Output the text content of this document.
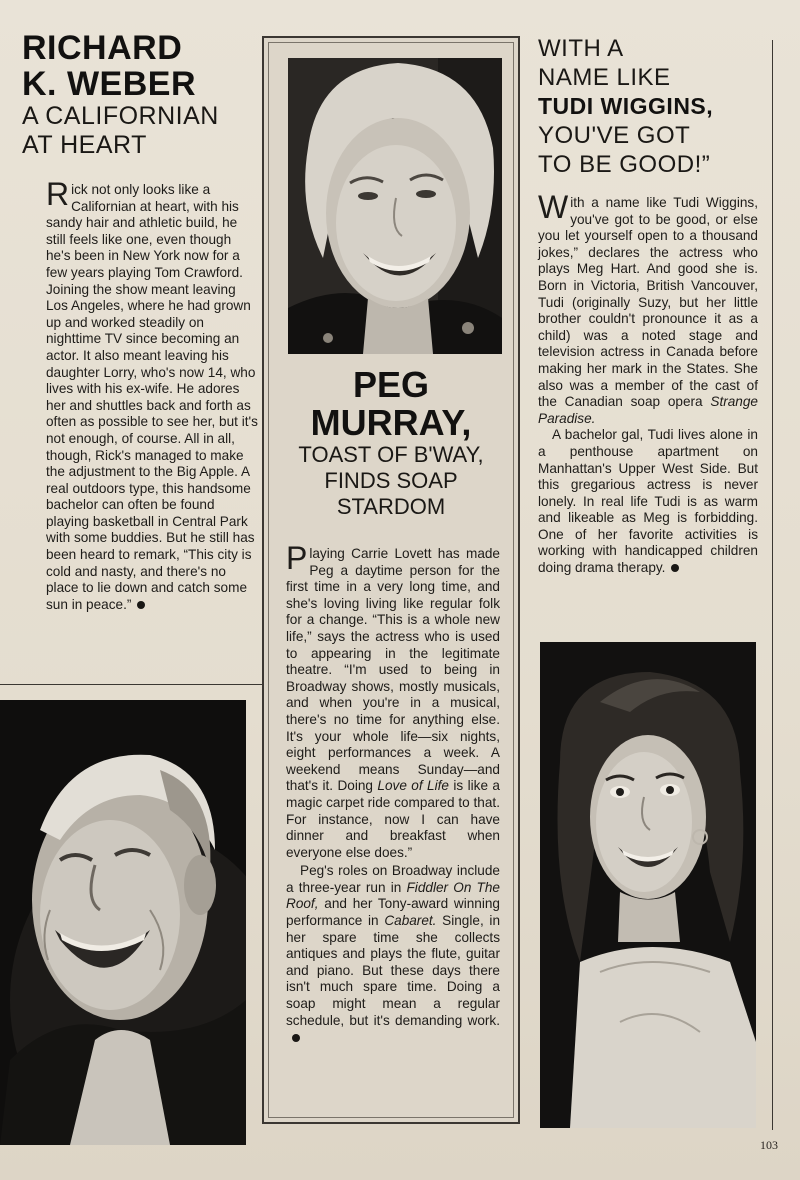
RICHARD
K. WEBER
A CALIFORNIAN
AT HEART
Rick not only looks like a Californian at heart, with his sandy hair and athletic build, he still feels like one, even though he's been in New York now for a few years playing Tom Crawford. Joining the show meant leaving Los Angeles, where he had grown up and worked steadily on nighttime TV since becoming an actor. It also meant leaving his daughter Lorry, who's now 14, who lives with his ex-wife. He adores her and shuttles back and forth as often as possible to see her, but it's not enough, of course. All in all, though, Rick's managed to make the adjustment to the Big Apple. A real outdoors type, this handsome bachelor can often be found playing basketball in Central Park with some buddies. But he still has been heard to remark, “This city is cold and nasty, and there's no place to lie down and catch some sun in peace.”
PEG
MURRAY,
TOAST OF B'WAY,
FINDS SOAP
STARDOM

Playing Carrie Lovett has made Peg a daytime person for the first time in a very long time, and she's loving living like regular folk for a change. “This is a whole new life,” says the actress who is used to appearing in the legitimate theatre. “I'm used to being in Broadway shows, mostly musicals, and when you're in a musical, there's no time for anything else. It's your whole life—six nights, eight performances a week. A weekend means Sunday—and that's it. Doing Love of Life is like a magic carpet ride compared to that. For instance, now I can have dinner and breakfast when everyone else does.”

Peg's roles on Broadway include a three-year run in Fiddler On The Roof, and her Tony-award winning performance in Cabaret. Single, in her spare time she collects antiques and plays the flute, guitar and piano. But these days there isn't much spare time. Doing a soap might mean a regular schedule, but it's demanding work.

WITH A
NAME LIKE
TUDI WIGGINS,
YOU'VE GOT
TO BE GOOD!”

With a name like Tudi Wiggins, you've got to be good, or else you let yourself open to a thousand jokes,” declares the actress who plays Meg Hart. And good she is. Born in Victoria, British Vancouver, Tudi (originally Suzy, but her little brother couldn't pronounce it as a child) was a noted stage and television actress in Canada before making her mark in the States. She also was a member of the cast of the Canadian soap opera Strange Paradise.

A bachelor gal, Tudi lives alone in a penthouse apartment on Manhattan's Upper West Side. But this gregarious actress is never lonely. In real life Tudi is as warm and likeable as Meg is forbidding. One of her favorite activities is working with handicapped children doing drama therapy.

103
